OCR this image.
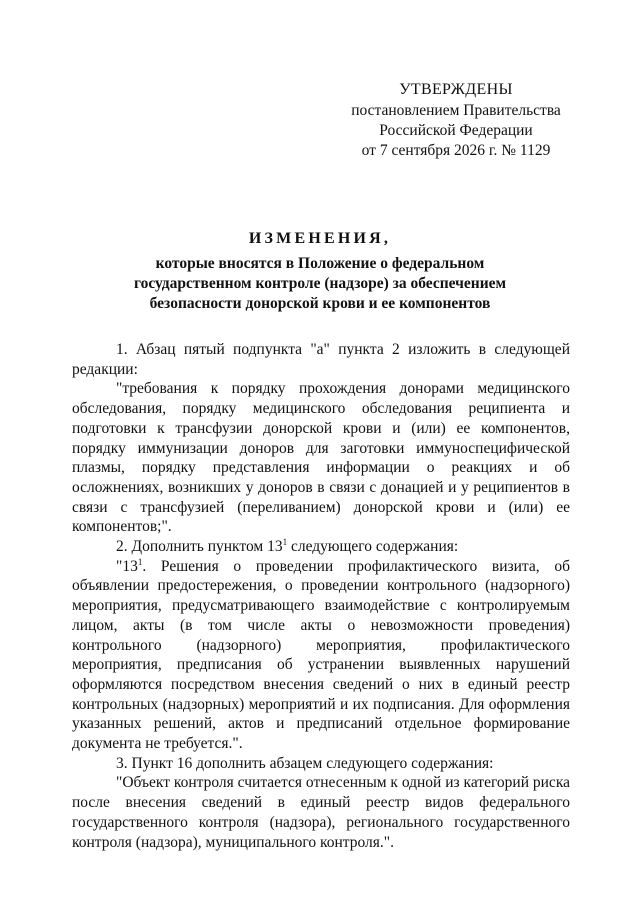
УТВЕРЖДЕНЫ
постановлением Правительства
Российской Федерации
от 7 сентября 2026 г. № 1129
ИЗМЕНЕНИЯ,
которые вносятся в Положение о федеральном
государственном контроле (надзоре) за обеспечением
безопасности донорской крови и ее компонентов

1. Абзац пятый подпункта "а" пункта 2 изложить в следующей редакции:

"требования к порядку прохождения донорами медицинского обследования, порядку медицинского обследования реципиента и подготовки к трансфузии донорской крови и (или) ее компонентов, порядку иммунизации доноров для заготовки иммуноспецифической плазмы, порядку представления информации о реакциях и об осложнениях, возникших у доноров в связи с донацией и у реципиентов в связи с трансфузией (переливанием) донорской крови и (или) ее компонентов;".

2. Дополнить пунктом $13^1$ следующего содержания:

"$13^1$. Решения о проведении профилактического визита, об объявлении предостережения, о проведении контрольного (надзорного) мероприятия, предусматривающего взаимодействие с контролируемым лицом, акты (в том числе акты о невозможности проведения) контрольного (надзорного) мероприятия, профилактического мероприятия, предписания об устранении выявленных нарушений оформляются посредством внесения сведений о них в единый реестр контрольных (надзорных) мероприятий и их подписания. Для оформления указанных решений, актов и предписаний отдельное формирование документа не требуется.".

3. Пункт 16 дополнить абзацем следующего содержания:

"Объект контроля считается отнесенным к одной из категорий риска после внесения сведений в единый реестр видов федерального государственного контроля (надзора), регионального государственного контроля (надзора), муниципального контроля.".
